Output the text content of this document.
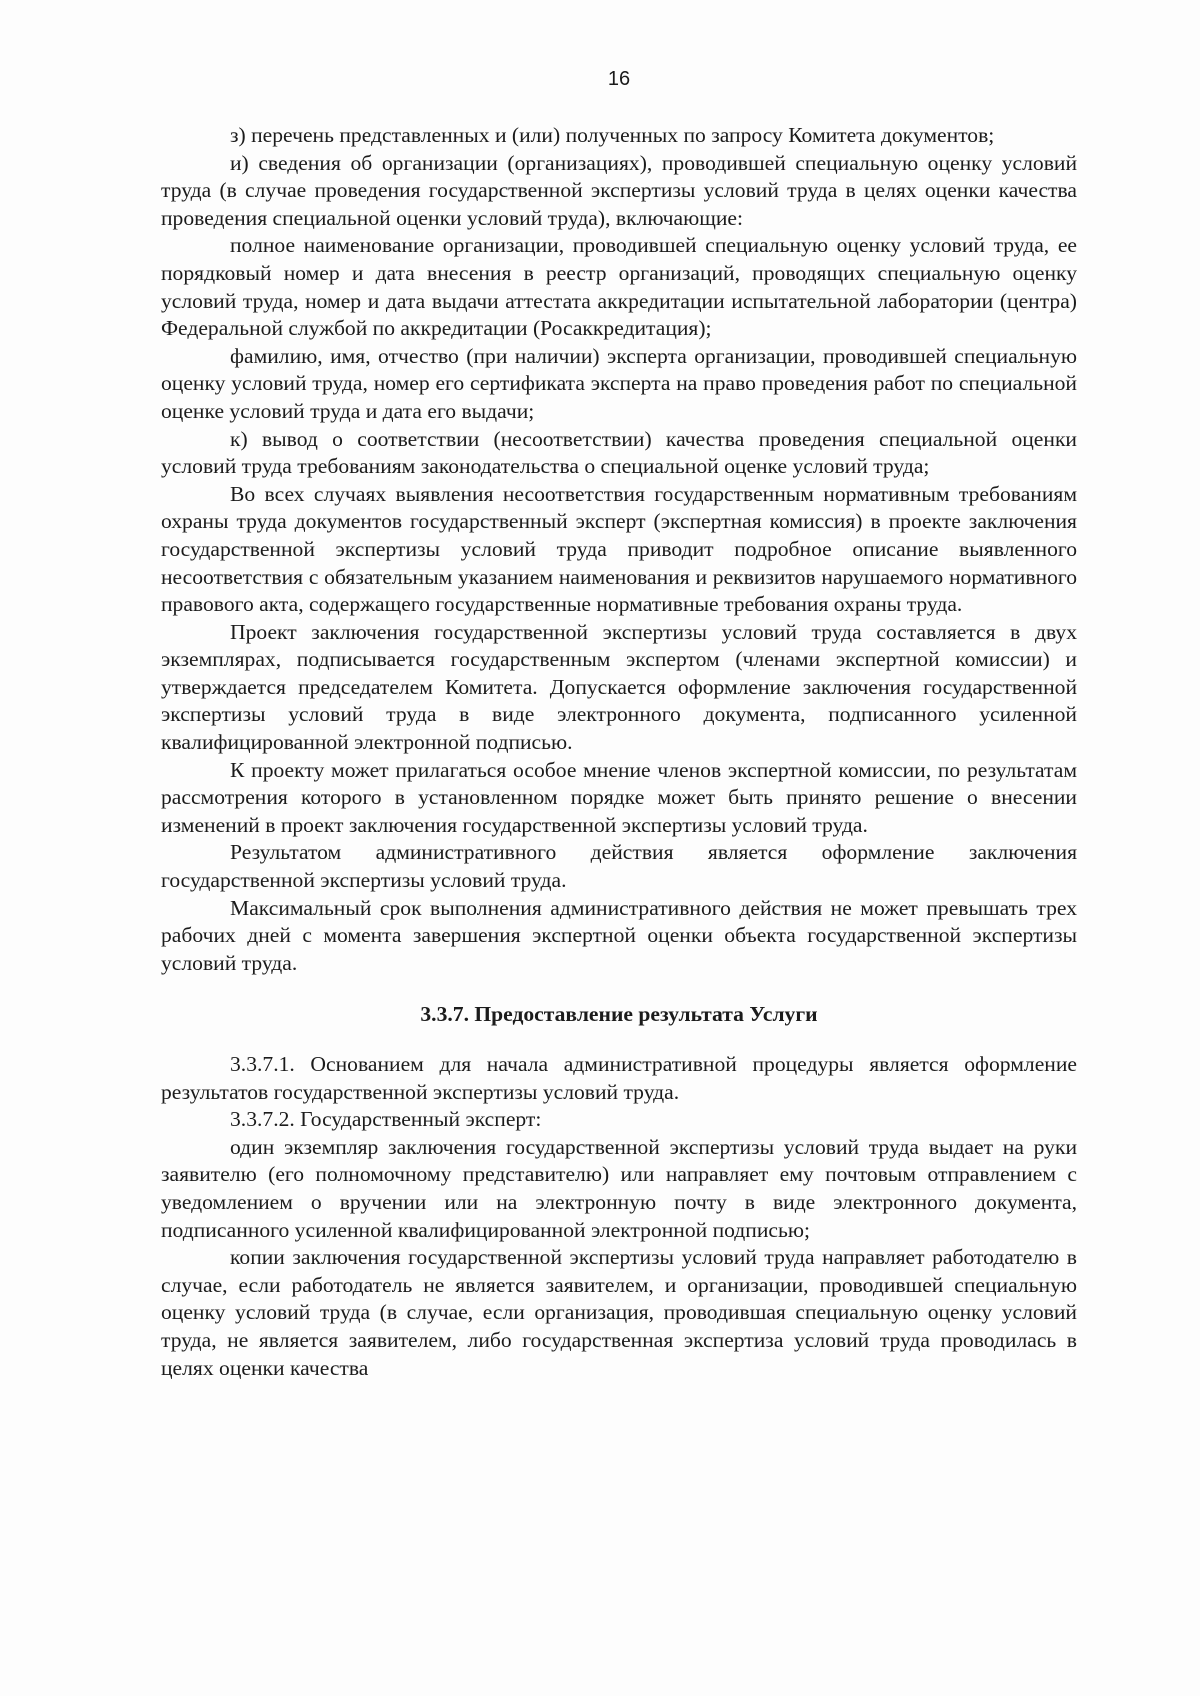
16

з) перечень представленных и (или) полученных по запросу Комитета документов;

и) сведения об организации (организациях), проводившей специальную оценку условий труда (в случае проведения государственной экспертизы условий труда в целях оценки качества проведения специальной оценки условий труда), включающие:

полное наименование организации, проводившей специальную оценку условий труда, ее порядковый номер и дата внесения в реестр организаций, проводящих специальную оценку условий труда, номер и дата выдачи аттестата аккредитации испытательной лаборатории (центра) Федеральной службой по аккредитации (Росаккредитация);

фамилию, имя, отчество (при наличии) эксперта организации, проводившей специальную оценку условий труда, номер его сертификата эксперта на право проведения работ по специальной оценке условий труда и дата его выдачи;

к) вывод о соответствии (несоответствии) качества проведения специальной оценки условий труда требованиям законодательства о специальной оценке условий труда;

Во всех случаях выявления несоответствия государственным нормативным требованиям охраны труда документов государственный эксперт (экспертная комиссия) в проекте заключения государственной экспертизы условий труда приводит подробное описание выявленного несоответствия с обязательным указанием наименования и реквизитов нарушаемого нормативного правового акта, содержащего государственные нормативные требования охраны труда.

Проект заключения государственной экспертизы условий труда составляется в двух экземплярах, подписывается государственным экспертом (членами экспертной комиссии) и утверждается председателем Комитета. Допускается оформление заключения государственной экспертизы условий труда в виде электронного документа, подписанного усиленной квалифицированной электронной подписью.

К проекту может прилагаться особое мнение членов экспертной комиссии, по результатам рассмотрения которого в установленном порядке может быть принято решение о внесении изменений в проект заключения государственной экспертизы условий труда.

Результатом административного действия является оформление заключения государственной экспертизы условий труда.

Максимальный срок выполнения административного действия не может превышать трех рабочих дней с момента завершения экспертной оценки объекта государственной экспертизы условий труда.

3.3.7. Предоставление результата Услуги

3.3.7.1. Основанием для начала административной процедуры является оформление результатов государственной экспертизы условий труда.

3.3.7.2. Государственный эксперт:

один экземпляр заключения государственной экспертизы условий труда выдает на руки заявителю (его полномочному представителю) или направляет ему почтовым отправлением с уведомлением о вручении или на электронную почту в виде электронного документа, подписанного усиленной квалифицированной электронной подписью;

копии заключения государственной экспертизы условий труда направляет работодателю в случае, если работодатель не является заявителем, и организации, проводившей специальную оценку условий труда (в случае, если организация, проводившая специальную оценку условий труда, не является заявителем, либо государственная экспертиза условий труда проводилась в целях оценки качества
